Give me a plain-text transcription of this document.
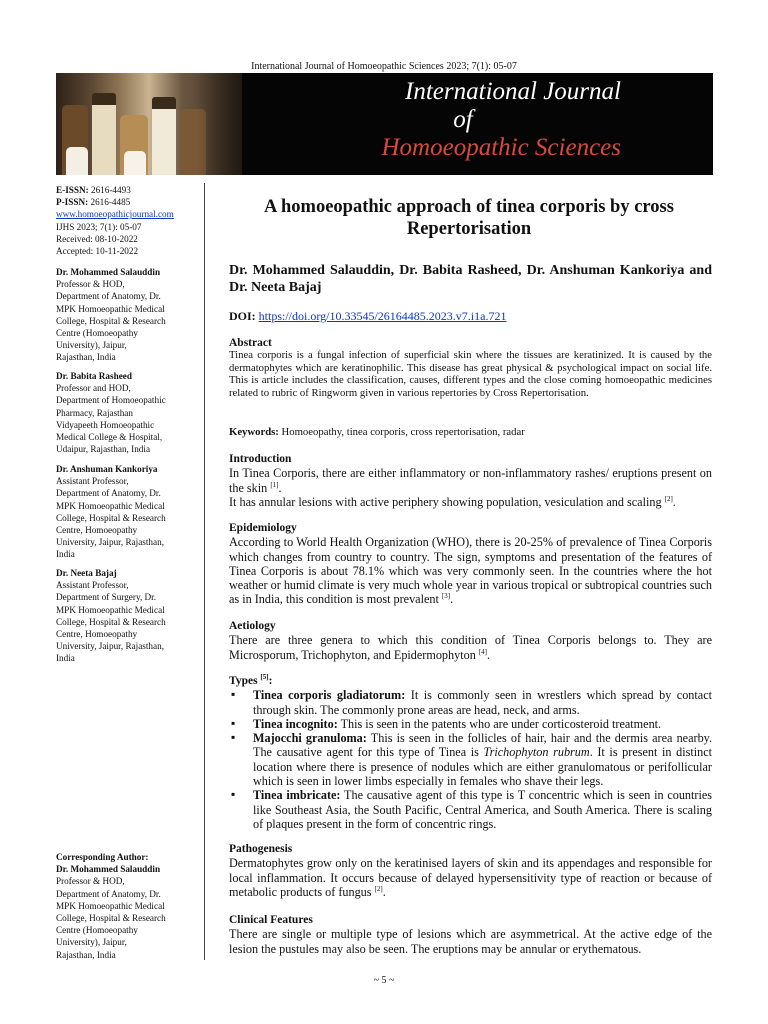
International Journal of Homoeopathic Sciences 2023; 7(1): 05-07
International Journal
of
Homoeopathic Sciences
E-ISSN: 2616-4493
P-ISSN: 2616-4485
www.homoeopathicjournal.com
IJHS 2023; 7(1): 05-07
Received: 08-10-2022
Accepted: 10-11-2022
Dr. Mohammed Salauddin
Professor & HOD,
Department of Anatomy, Dr.
MPK Homoeopathic Medical
College, Hospital & Research
Centre (Homoeopathy
University), Jaipur,
Rajasthan, India
Dr. Babita Rasheed
Professor and HOD,
Department of Homoeopathic
Pharmacy, Rajasthan
Vidyapeeth Homoeopathic
Medical College & Hospital,
Udaipur, Rajasthan, India
Dr. Anshuman Kankoriya
Assistant Professor,
Department of Anatomy, Dr.
MPK Homoeopathic Medical
College, Hospital & Research
Centre, Homoeopathy
University, Jaipur, Rajasthan,
India
Dr. Neeta Bajaj
Assistant Professor,
Department of Surgery, Dr.
MPK Homoeopathic Medical
College, Hospital & Research
Centre, Homoeopathy
University, Jaipur, Rajasthan,
India
Corresponding Author:
Dr. Mohammed Salauddin
Professor & HOD,
Department of Anatomy, Dr.
MPK Homoeopathic Medical
College, Hospital & Research
Centre (Homoeopathy
University), Jaipur,
Rajasthan, India
A homoeopathic approach of tinea corporis by cross Repertorisation
Dr. Mohammed Salauddin, Dr. Babita Rasheed, Dr. Anshuman Kankoriya and Dr. Neeta Bajaj
DOI: https://doi.org/10.33545/26164485.2023.v7.i1a.721
Abstract
Tinea corporis is a fungal infection of superficial skin where the tissues are keratinized. It is caused by the dermatophytes which are keratinophilic. This disease has great physical & psychological impact on social life. This is article includes the classification, causes, different types and the close coming homoeopathic medicines related to rubric of Ringworm given in various repertories by Cross Repertorisation.
Keywords: Homoeopathy, tinea corporis, cross repertorisation, radar
Introduction
In Tinea Corporis, there are either inflammatory or non-inflammatory rashes/ eruptions present on the skin [1].
It has annular lesions with active periphery showing population, vesiculation and scaling [2].
Epidemiology
According to World Health Organization (WHO), there is 20-25% of prevalence of Tinea Corporis which changes from country to country. The sign, symptoms and presentation of the features of Tinea Corporis is about 78.1% which was very commonly seen. In the countries where the hot weather or humid climate is very much whole year in various tropical or subtropical countries such as in India, this condition is most prevalent [3].
Aetiology
There are three genera to which this condition of Tinea Corporis belongs to. They are Microsporum, Trichophyton, and Epidermophyton [4].
Types [5]:
▪ Tinea corporis gladiatorum: It is commonly seen in wrestlers which spread by contact through skin. The commonly prone areas are head, neck, and arms.
▪ Tinea incognito: This is seen in the patents who are under corticosteroid treatment.
▪ Majocchi granuloma: This is seen in the follicles of hair, hair and the dermis area nearby. The causative agent for this type of Tinea is Trichophyton rubrum. It is present in distinct location where there is presence of nodules which are either granulomatous or perifollicular which is seen in lower limbs especially in females who shave their legs.
▪ Tinea imbricate: The causative agent of this type is T concentric which is seen in countries like Southeast Asia, the South Pacific, Central America, and South America. There is scaling of plaques present in the form of concentric rings.
Pathogenesis
Dermatophytes grow only on the keratinised layers of skin and its appendages and responsible for local inflammation. It occurs because of delayed hypersensitivity type of reaction or because of metabolic products of fungus [2].
Clinical Features
There are single or multiple type of lesions which are asymmetrical. At the active edge of the lesion the pustules may also be seen. The eruptions may be annular or erythematous.
~ 5 ~
